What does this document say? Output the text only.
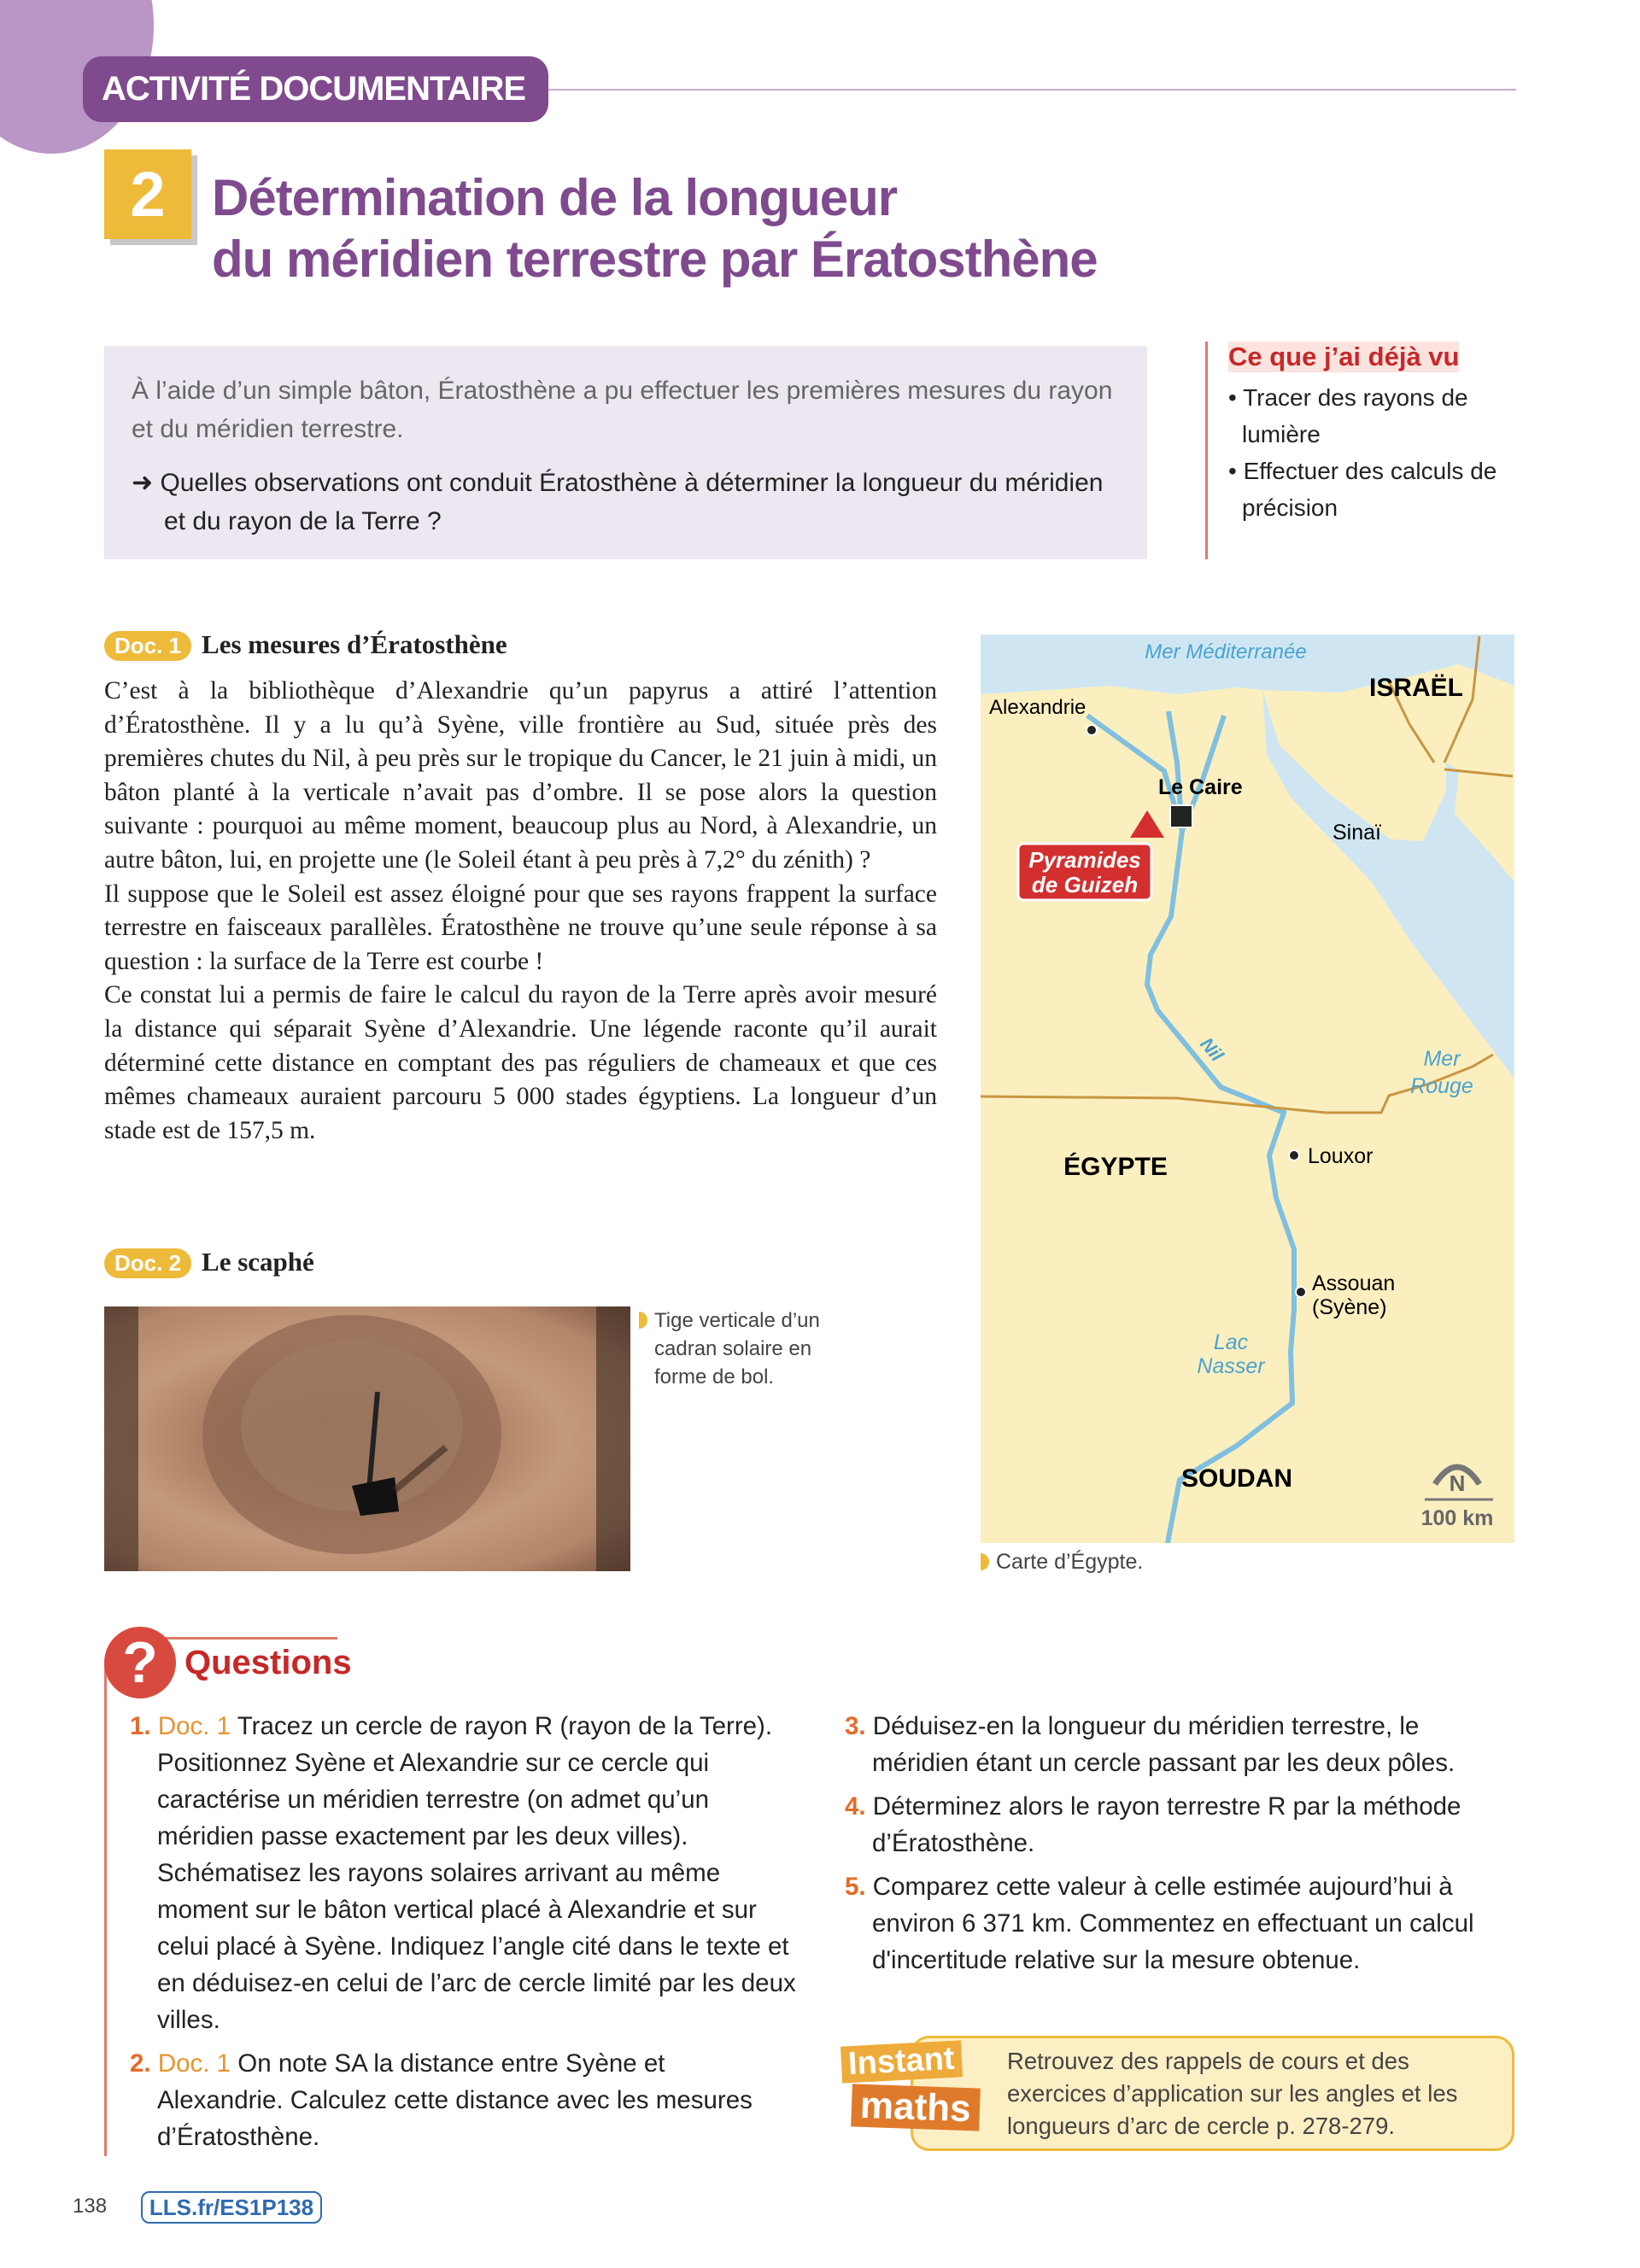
ACTIVITÉ DOCUMENTAIRE
2 Détermination de la longueur
du méridien terrestre par Ératosthène
À l’aide d’un simple bâton, Ératosthène a pu effectuer les premières mesures du rayon et du méridien terrestre.
➜ Quelles observations ont conduit Ératosthène à déterminer la longueur du méridien et du rayon de la Terre ?
Ce que j’ai déjà vu
• Tracer des rayons de lumière
• Effectuer des calculs de précision
Doc. 1 Les mesures d’Ératosthène

C’est à la bibliothèque d’Alexandrie qu’un papyrus a attiré l’attention d’Ératosthène. Il y a lu qu’à Syène, ville frontière au Sud, située près des premières chutes du Nil, à peu près sur le tropique du Cancer, le 21 juin à midi, un bâton planté à la verticale n’avait pas d’ombre. Il se pose alors la question suivante : pourquoi au même moment, beaucoup plus au Nord, à Alexandrie, un autre bâton, lui, en projette une (le Soleil étant à peu près à 7,2° du zénith) ?

Il suppose que le Soleil est assez éloigné pour que ses rayons frappent la surface terrestre en faisceaux parallèles. Ératosthène ne trouve qu’une seule réponse à sa question : la surface de la Terre est courbe !

Ce constat lui a permis de faire le calcul du rayon de la Terre après avoir mesuré la distance qui séparait Syène d’Alexandrie. Une légende raconte qu’il aurait déterminé cette distance en comptant des pas réguliers de chameaux et que ces mêmes chameaux auraient parcouru 5 000 stades égyptiens. La longueur d’un stade est de 157,5 m.

Doc. 2 Le scaphé
Tige verticale d’un cadran solaire en forme de bol.
Mer Méditerranée
ISRAËL
Alexandrie
Le Caire
Pyramides
de Guizeh
Sinaï
Nil	Mer
Rouge
ÉGYPTE	Louxor
Assouan
(Syène)
Lac
Nasser
SOUDAN	N
100 km
Carte d’Égypte.
? Questions
1. Doc. 1 Tracez un cercle de rayon R (rayon de la Terre). Positionnez Syène et Alexandrie sur ce cercle qui caractérise un méridien terrestre (on admet qu’un méridien passe exactement par les deux villes). Schématisez les rayons solaires arrivant au même moment sur le bâton vertical placé à Alexandrie et sur celui placé à Syène. Indiquez l’angle cité dans le texte et en déduisez-en celui de l’arc de cercle limité par les deux villes.
2. Doc. 1 On note SA la distance entre Syène et Alexandrie. Calculez cette distance avec les mesures d’Ératosthène.
3. Déduisez-en la longueur du méridien terrestre, le méridien étant un cercle passant par les deux pôles.
4. Déterminez alors le rayon terrestre R par la méthode d’Ératosthène.
5. Comparez cette valeur à celle estimée aujourd’hui à environ 6 371 km. Commentez en effectuant un calcul d'incertitude relative sur la mesure obtenue.
Retrouvez des rappels de cours et des exercices d’application sur les angles et les longueurs d’arc de cercle p. 278-279.
Instant
maths
138	LLS.fr/ES1P138
